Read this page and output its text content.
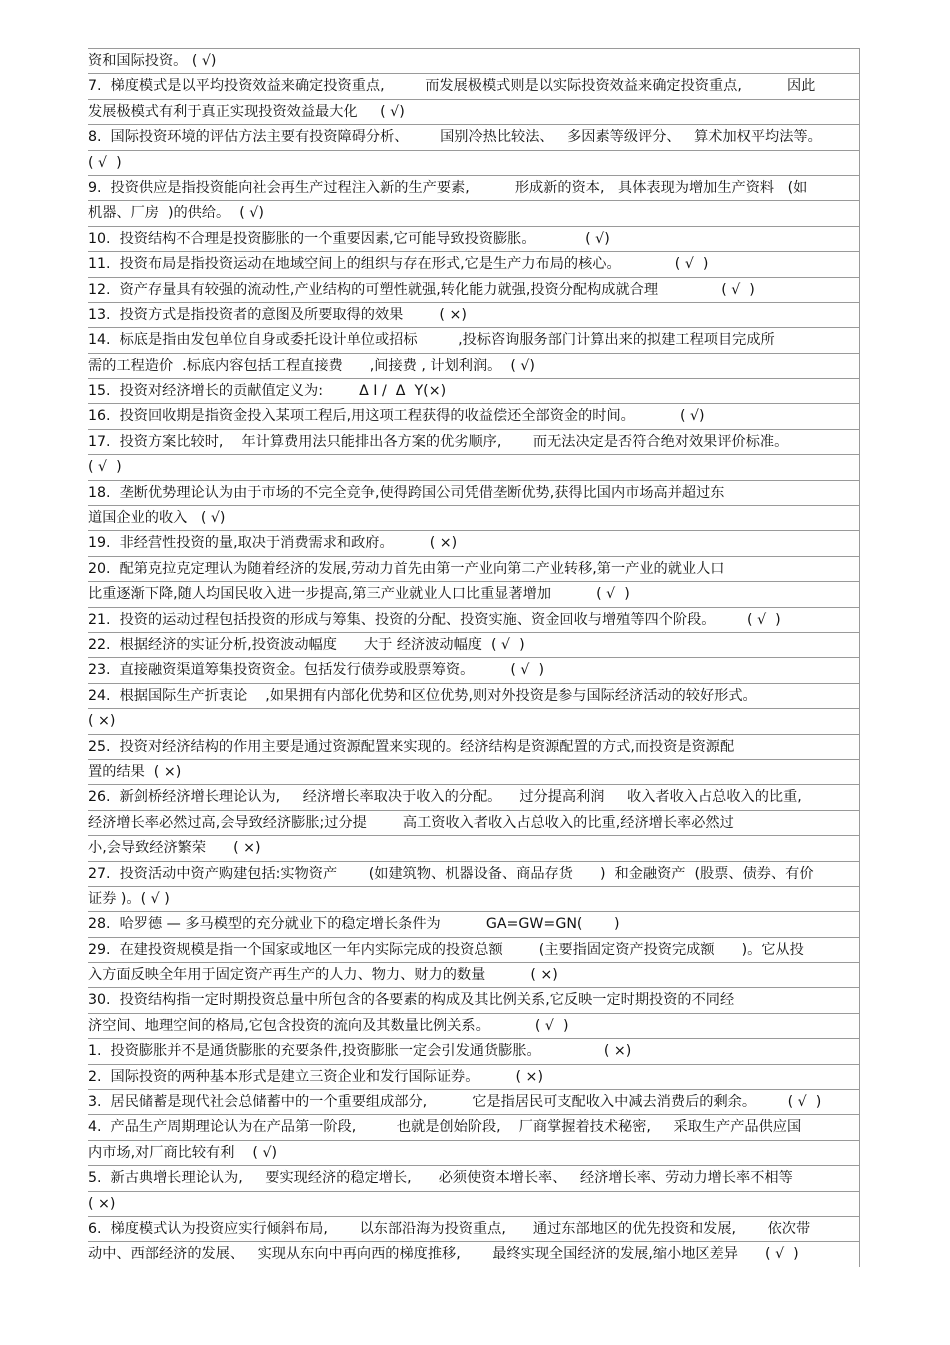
资和国际投资。 ( √)
7.  梯度模式是以平均投资效益来确定投资重点,         而发展极模式则是以实际投资效益来确定投资重点,          因此
发展极模式有利于真正实现投资效益最大化     ( √)
8.  国际投资环境的评估方法主要有投资障碍分析、       国别冷热比较法、   多因素等级评分、   算术加权平均法等。
( √  )
9.  投资供应是指投资能向社会再生产过程注入新的生产要素,          形成新的资本,   具体表现为增加生产资料   (如
机器、厂房  )的供给。  ( √)
10.  投资结构不合理是投资膨胀的一个重要因素,它可能导致投资膨胀。           ( √)
11.  投资布局是指投资运动在地域空间上的组织与存在形式,它是生产力布局的核心。            ( √  )
12.  资产存量具有较强的流动性,产业结构的可塑性就强,转化能力就强,投资分配构成就合理              ( √  )
13.  投资方式是指投资者的意图及所要取得的效果        ( ×)
14.  标底是指由发包单位自身或委托设计单位或招标         ,投标咨询服务部门计算出来的拟建工程项目完成所
需的工程造价  .标底内容包括工程直接费      ,间接费 , 计划利润。  ( √)
15.  投资对经济增长的贡献值定义为:        Δ I /  Δ  Y(×)
16.  投资回收期是指资金投入某项工程后,用这项工程获得的收益偿还全部资金的时间。          ( √)
17.  投资方案比较时,    年计算费用法只能排出各方案的优劣顺序,       而无法决定是否符合绝对效果评价标准。
( √  )
18.  垄断优势理论认为由于市场的不完全竞争,使得跨国公司凭借垄断优势,获得比国内市场高并超过东
道国企业的收入   ( √)
19.  非经营性投资的量,取决于消费需求和政府。        ( ×)
20.  配第克拉克定理认为随着经济的发展,劳动力首先由第一产业向第二产业转移,第一产业的就业人口
比重逐渐下降,随人均国民收入进一步提高,第三产业就业人口比重显著增加          ( √  )
21.  投资的运动过程包括投资的形成与筹集、投资的分配、投资实施、资金回收与增殖等四个阶段。       ( √  )
22.  根据经济的实证分析,投资波动幅度      大于 经济波动幅度  ( √  )
23.  直接融资渠道筹集投资资金。包括发行债券或股票筹资。        ( √  )
24.  根据国际生产折衷论    ,如果拥有内部化优势和区位优势,则对外投资是参与国际经济活动的较好形式。
( ×)
25.  投资对经济结构的作用主要是通过资源配置来实现的。经济结构是资源配置的方式,而投资是资源配
置的结果  ( ×)
26.  新剑桥经济增长理论认为,     经济增长率取决于收入的分配。    过分提高利润     收入者收入占总收入的比重,
经济增长率必然过高,会导致经济膨胀;过分提        高工资收入者收入占总收入的比重,经济增长率必然过
小,会导致经济繁荣      ( ×)
27.  投资活动中资产购建包括:实物资产       (如建筑物、机器设备、商品存货      )  和金融资产  (股票、债券、有价
证券 )。( √ )
28.  哈罗德 — 多马模型的充分就业下的稳定增长条件为          GA=GW=GN(       )
29.  在建投资规模是指一个国家或地区一年内实际完成的投资总额        (主要指固定资产投资完成额      )。它从投
入方面反映全年用于固定资产再生产的人力、物力、财力的数量          ( ×)
30.  投资结构指一定时期投资总量中所包含的各要素的构成及其比例关系,它反映一定时期投资的不同经
济空间、地理空间的格局,它包含投资的流向及其数量比例关系。          ( √  )
1.  投资膨胀并不是通货膨胀的充要条件,投资膨胀一定会引发通货膨胀。              ( ×)
2.  国际投资的两种基本形式是建立三资企业和发行国际证券。        ( ×)
3.  居民储蓄是现代社会总储蓄中的一个重要组成部分,          它是指居民可支配收入中减去消费后的剩余。       ( √  )
4.  产品生产周期理论认为在产品第一阶段,         也就是创始阶段,    厂商掌握着技术秘密,     采取生产产品供应国
内市场,对厂商比较有利    ( √)
5.  新古典增长理论认为,     要实现经济的稳定增长,      必须使资本增长率、   经济增长率、劳动力增长率不相等
( ×)
6.  梯度模式认为投资应实行倾斜布局,       以东部沿海为投资重点,      通过东部地区的优先投资和发展,       依次带
动中、西部经济的发展、   实现从东向中再向西的梯度推移,       最终实现全国经济的发展,缩小地区差异      ( √  )
